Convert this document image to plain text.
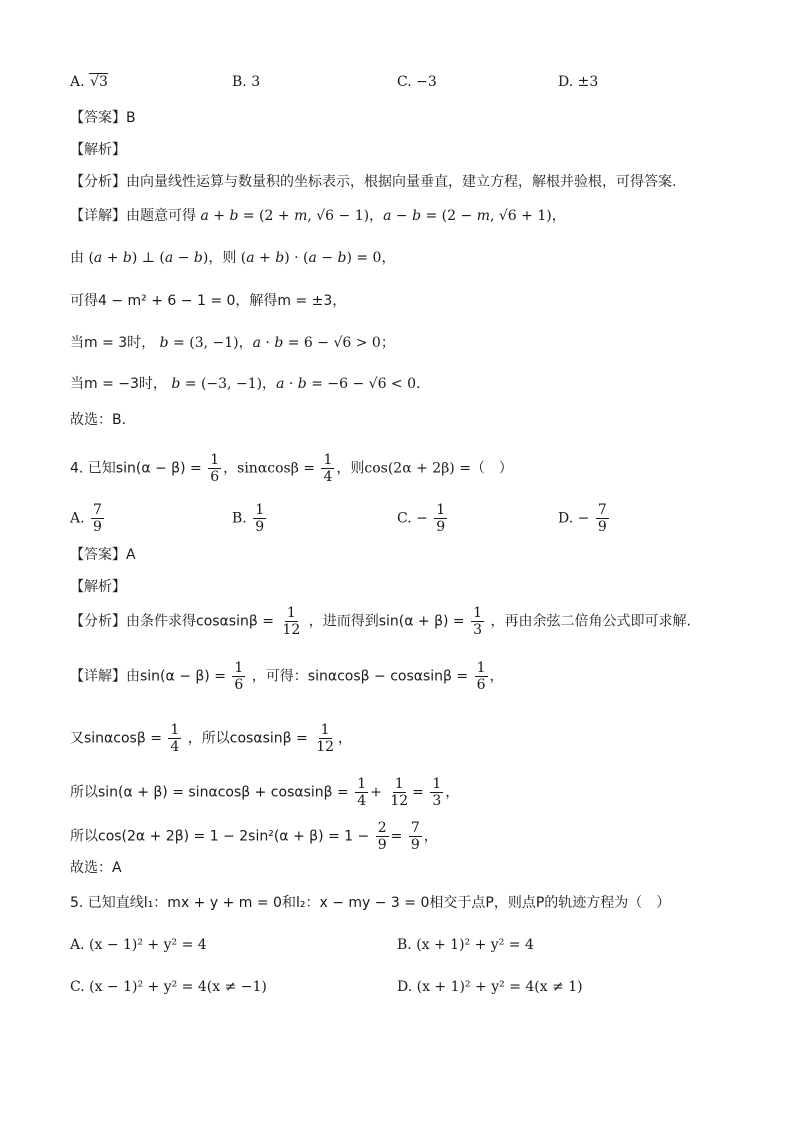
A. √3	B. 3	C. −3	D. ±3
【答案】B
【解析】
【分析】由向量线性运算与数量积的坐标表示，根据向量垂直，建立方程，解根并验根，可得答案.
【详解】由题意可得 a + b = (2 + m, √6 − 1)，a − b = (2 − m, √6 + 1)，
由 (a + b) ⊥ (a − b)，则 (a + b) · (a − b) = 0，
可得4 − m² + 6 − 1 = 0，解得m = ±3，
当m = 3时， b = (3, −1)，a · b = 6 − √6 > 0；
当m = −3时， b = (−3, −1)，a · b = −6 − √6 < 0.
故选：B.
4. 已知$\sin(\alpha - \beta) = \frac{1}{6}$ ，$\sin\alpha\cos\beta = \frac{1}{4}$ ，则cos(2α + 2β) =（　）
A. $\frac{7}{9}$	B. $\frac{1}{9}$	C. − $\frac{1}{9}$	D. − $\frac{7}{9}$
【答案】A
【解析】
【分析】由条件求得$\cos\alpha\sin\beta = \frac{1}{12}$ ，进而得到$\sin(\alpha + \beta) = \frac{1}{3}$ ，再由余弦二倍角公式即可求解.
【详解】由$\sin(\alpha - \beta) = \frac{1}{6}$ ，可得：$\sin\alpha\cos\beta - \cos\alpha\sin\beta = \frac{1}{6}$ ，
又$\sin\alpha\cos\beta = \frac{1}{4}$ ，所以$\cos\alpha\sin\beta = \frac{1}{12}$ ，
所以$\sin(\alpha + \beta) = \sin\alpha\cos\beta + \cos\alpha\sin\beta = \frac{1}{4} + \frac{1}{12} = \frac{1}{3}$ ，
所以$\cos(2\alpha + 2\beta) = 1 - 2\sin^2(\alpha + \beta) = 1 - \frac{2}{9} = \frac{7}{9}$ ，
故选：A
5. 已知直线l₁：mx + y + m = 0和l₂：x − my − 3 = 0相交于点P，则点P的轨迹方程为（　）
A. (x − 1)² + y² = 4	B. (x + 1)² + y² = 4
C. (x − 1)² + y² = 4(x ≠ −1)	D. (x + 1)² + y² = 4(x ≠ 1)
